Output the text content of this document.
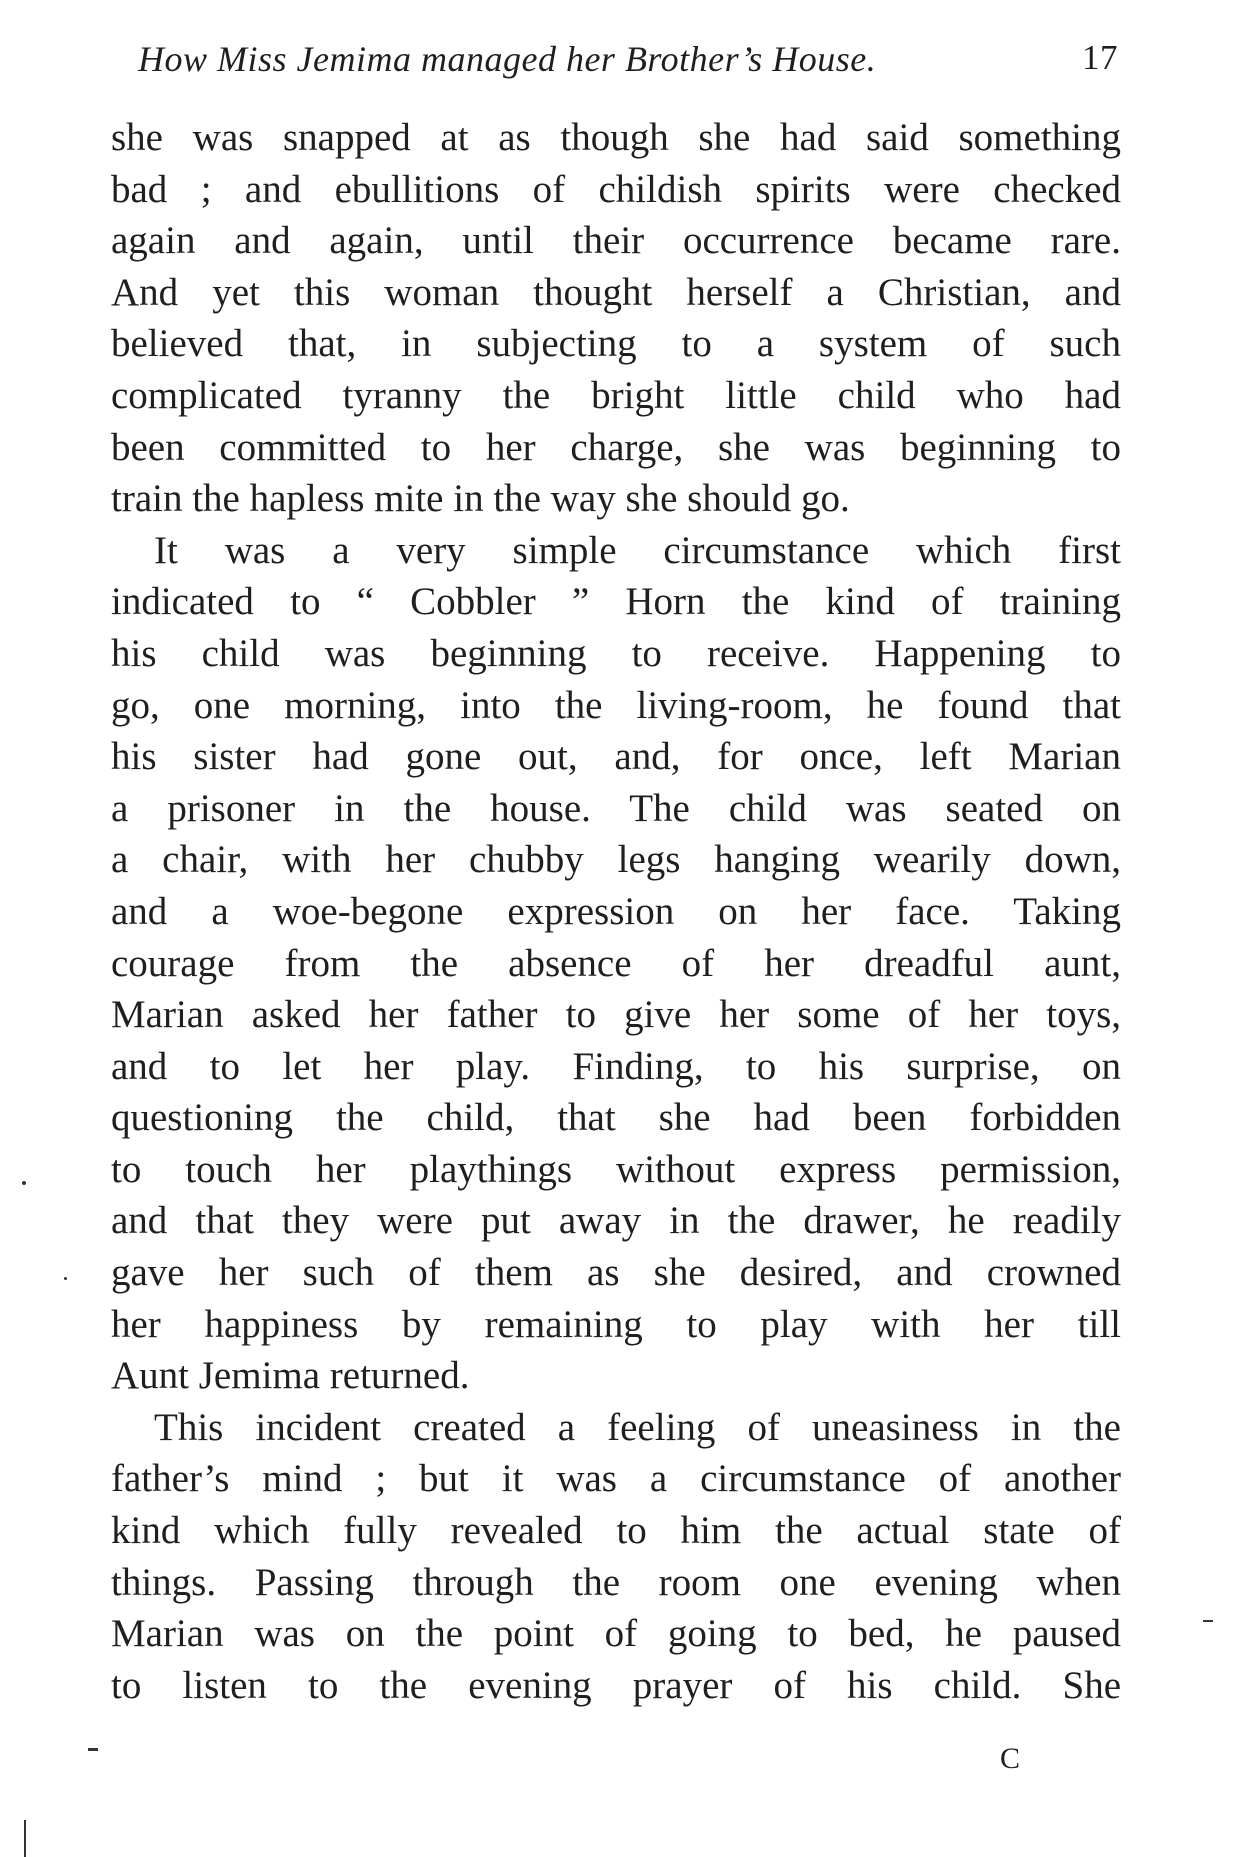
How Miss Jemima managed her Brother’s House.	17
she was snapped at as though she had said something
bad ; and ebullitions of childish spirits were checked
again and again, until their occurrence became rare.
And yet this woman thought herself a Christian, and
believed that, in subjecting to a system of such
complicated tyranny the bright little child who had
been committed to her charge, she was beginning to
train the hapless mite in the way she should go.
It was a very simple circumstance which first
indicated to “ Cobbler ” Horn the kind of training
his child was beginning to receive. Happening to
go, one morning, into the living-room, he found that
his sister had gone out, and, for once, left Marian
a prisoner in the house. The child was seated on
a chair, with her chubby legs hanging wearily down,
and a woe-begone expression on her face. Taking
courage from the absence of her dreadful aunt,
Marian asked her father to give her some of her toys,
and to let her play. Finding, to his surprise, on
questioning the child, that she had been forbidden
to touch her playthings without express permission,
and that they were put away in the drawer, he readily
gave her such of them as she desired, and crowned
her happiness by remaining to play with her till
Aunt Jemima returned.
This incident created a feeling of uneasiness in the
father’s mind ; but it was a circumstance of another
kind which fully revealed to him the actual state of
things. Passing through the room one evening when
Marian was on the point of going to bed, he paused
to listen to the evening prayer of his child. She
C
